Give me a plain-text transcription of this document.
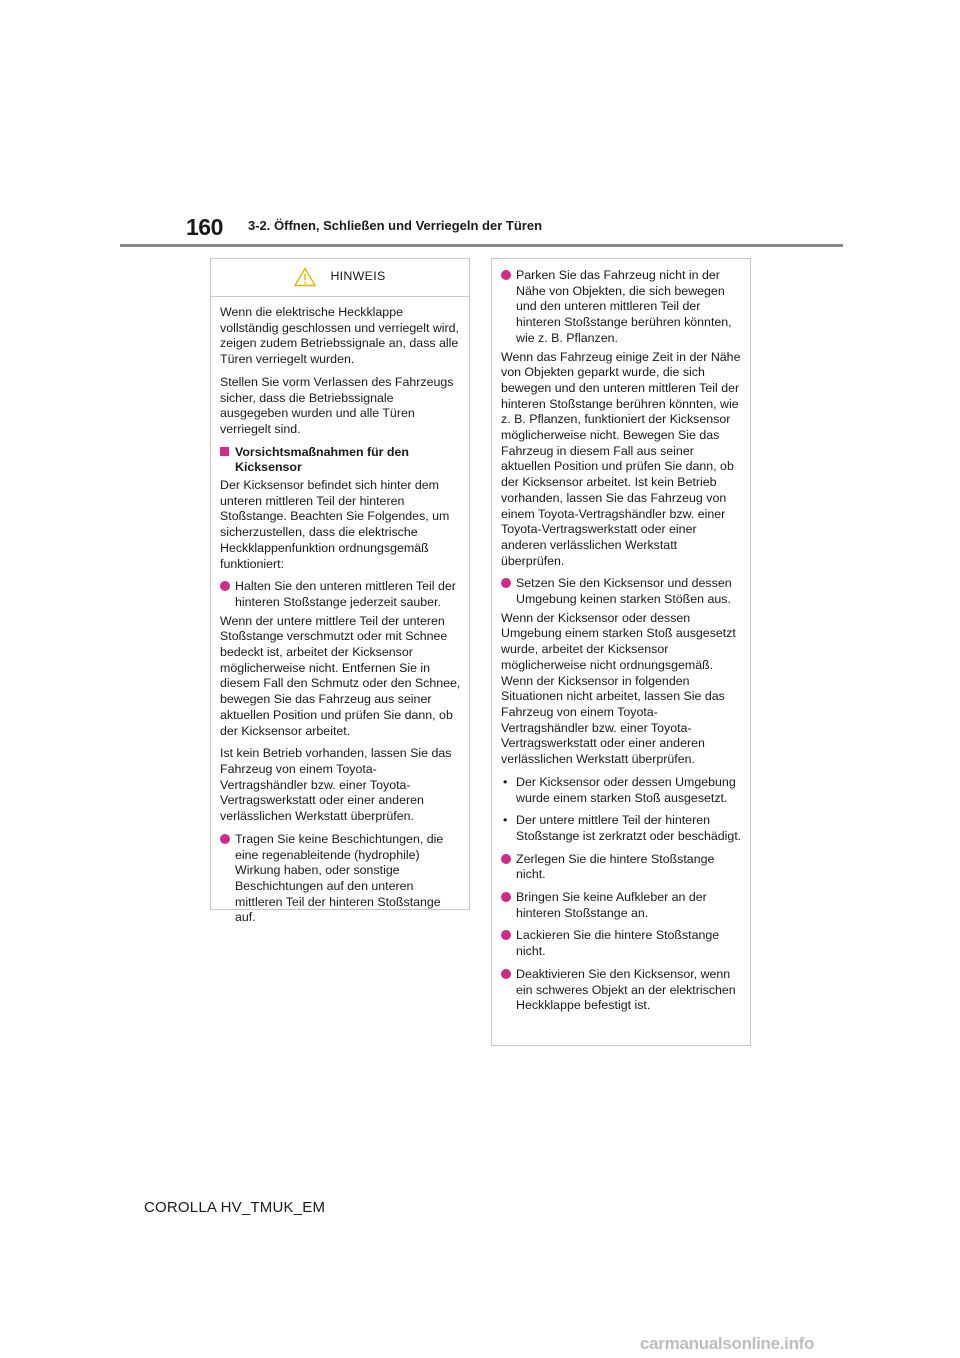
160 3-2. Öffnen, Schließen und Verriegeln der Türen
HINWEIS

Wenn die elektrische Heckklappe vollständig geschlossen und verriegelt wird, zeigen zudem Betriebssignale an, dass alle Türen verriegelt wurden.

Stellen Sie vorm Verlassen des Fahrzeugs sicher, dass die Betriebssignale ausgegeben wurden und alle Türen verriegelt sind.

Vorsichtsmaßnahmen für den Kicksensor

Der Kicksensor befindet sich hinter dem unteren mittleren Teil der hinteren Stoßstange. Beachten Sie Folgendes, um sicherzustellen, dass die elektrische Heckklappenfunktion ordnungsgemäß funktioniert:

Halten Sie den unteren mittleren Teil der hinteren Stoßstange jederzeit sauber.

Wenn der untere mittlere Teil der unteren Stoßstange verschmutzt oder mit Schnee bedeckt ist, arbeitet der Kicksensor möglicherweise nicht. Entfernen Sie in diesem Fall den Schmutz oder den Schnee, bewegen Sie das Fahrzeug aus seiner aktuellen Position und prüfen Sie dann, ob der Kicksensor arbeitet.

Ist kein Betrieb vorhanden, lassen Sie das Fahrzeug von einem Toyota-Vertragshändler bzw. einer Toyota-Vertragswerkstatt oder einer anderen verlässlichen Werkstatt überprüfen.

Tragen Sie keine Beschichtungen, die eine regenableitende (hydrophile) Wirkung haben, oder sonstige Beschichtungen auf den unteren mittleren Teil der hinteren Stoßstange auf.
Parken Sie das Fahrzeug nicht in der Nähe von Objekten, die sich bewegen und den unteren mittleren Teil der hinteren Stoßstange berühren könnten, wie z. B. Pflanzen.

Wenn das Fahrzeug einige Zeit in der Nähe von Objekten geparkt wurde, die sich bewegen und den unteren mittleren Teil der hinteren Stoßstange berühren könnten, wie z. B. Pflanzen, funktioniert der Kicksensor möglicherweise nicht. Bewegen Sie das Fahrzeug in diesem Fall aus seiner aktuellen Position und prüfen Sie dann, ob der Kicksensor arbeitet. Ist kein Betrieb vorhanden, lassen Sie das Fahrzeug von einem Toyota-Vertragshändler bzw. einer Toyota-Vertragswerkstatt oder einer anderen verlässlichen Werkstatt überprüfen.

Setzen Sie den Kicksensor und dessen Umgebung keinen starken Stößen aus.

Wenn der Kicksensor oder dessen Umgebung einem starken Stoß ausgesetzt wurde, arbeitet der Kicksensor möglicherweise nicht ordnungsgemäß. Wenn der Kicksensor in folgenden Situationen nicht arbeitet, lassen Sie das Fahrzeug von einem Toyota-Vertragshändler bzw. einer Toyota-Vertragswerkstatt oder einer anderen verlässlichen Werkstatt überprüfen.

• Der Kicksensor oder dessen Umgebung wurde einem starken Stoß ausgesetzt.
• Der untere mittlere Teil der hinteren Stoßstange ist zerkratzt oder beschädigt.
Zerlegen Sie die hintere Stoßstange nicht.
Bringen Sie keine Aufkleber an der hinteren Stoßstange an.
Lackieren Sie die hintere Stoßstange nicht.
Deaktivieren Sie den Kicksensor, wenn ein schweres Objekt an der elektrischen Heckklappe befestigt ist.
COROLLA HV_TMUK_EM
carmanualsonline.info
